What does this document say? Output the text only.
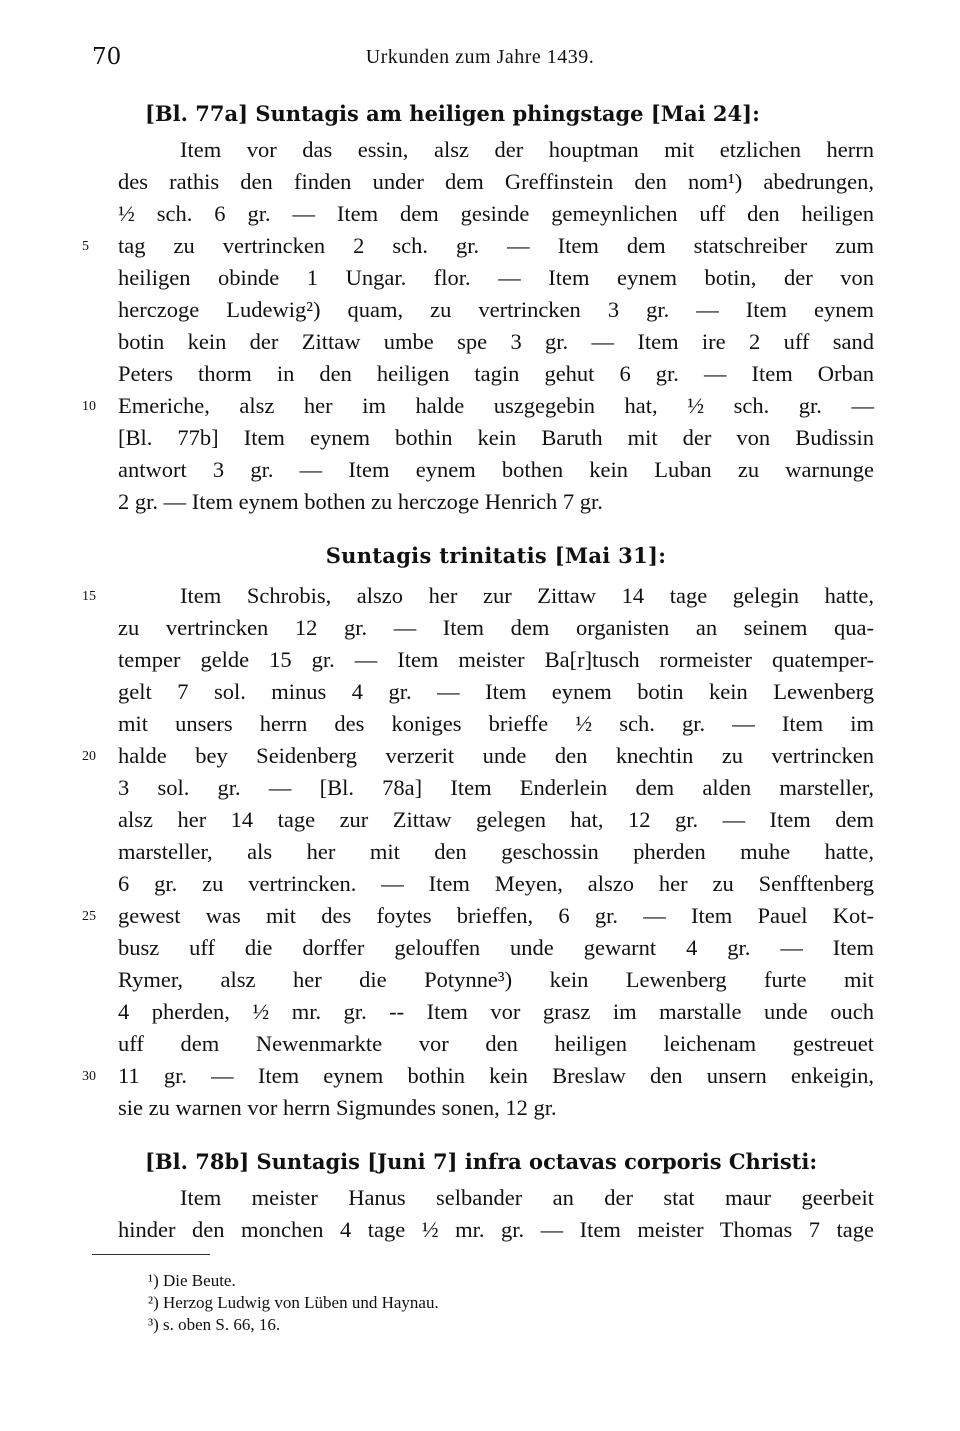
70	Urkunden zum Jahre 1439.
[Bl. 77a] Suntagis am heiligen phingstage [Mai 24]:
Item vor das essin, alsz der houptman mit etzlichen herrn
des rathis den finden under dem Greffinstein den nom¹) abedrungen,
½ sch. 6 gr. — Item dem gesinde gemeynlichen uff den heiligen
tag zu vertrincken 2 sch. gr. — Item dem statschreiber zum
heiligen obinde 1 Ungar. flor. — Item eynem botin, der von
herczoge Ludewig²) quam, zu vertrincken 3 gr. — Item eynem
botin kein der Zittaw umbe spe 3 gr. — Item ire 2 uff sand
Peters thorm in den heiligen tagin gehut 6 gr. — Item Orban
Emeriche, alsz her im halde uszgegebin hat, ½ sch. gr. —
[Bl. 77b] Item eynem bothin kein Baruth mit der von Budissin
antwort 3 gr. — Item eynem bothen kein Luban zu warnunge
2 gr. — Item eynem bothen zu herczoge Henrich 7 gr.
Suntagis trinitatis [Mai 31]:
Item Schrobis, alszo her zur Zittaw 14 tage gelegin hatte,
zu vertrincken 12 gr. — Item dem organisten an seinem qua-
temper gelde 15 gr. — Item meister Ba[r]tusch rormeister quatemper-
gelt 7 sol. minus 4 gr. — Item eynem botin kein Lewenberg
mit unsers herrn des koniges brieffe ½ sch. gr. — Item im
halde bey Seidenberg verzerit unde den knechtin zu vertrincken
3 sol. gr. — [Bl. 78a] Item Enderlein dem alden marsteller,
alsz her 14 tage zur Zittaw gelegen hat, 12 gr. — Item dem
marsteller, als her mit den geschossin pherden muhe hatte,
6 gr. zu vertrincken. — Item Meyen, alszo her zu Senfftenberg
gewest was mit des foytes brieffen, 6 gr. — Item Pauel Kot-
busz uff die dorffer gelouffen unde gewarnt 4 gr. — Item
Rymer, alsz her die Potynne³) kein Lewenberg furte mit
4 pherden, ½ mr. gr. -- Item vor grasz im marstalle unde ouch
uff dem Newenmarkte vor den heiligen leichenam gestreuet
11 gr. — Item eynem bothin kein Breslaw den unsern enkeigin,
sie zu warnen vor herrn Sigmundes sonen, 12 gr.
[Bl. 78b] Suntagis [Juni 7] infra octavas corporis Christi:
Item meister Hanus selbander an der stat maur geerbeit
hinder den monchen 4 tage ½ mr. gr. — Item meister Thomas 7 tage
5
10
15
20
25
30
¹) Die Beute.
²) Herzog Ludwig von Lüben und Haynau.
³) s. oben S. 66, 16.
